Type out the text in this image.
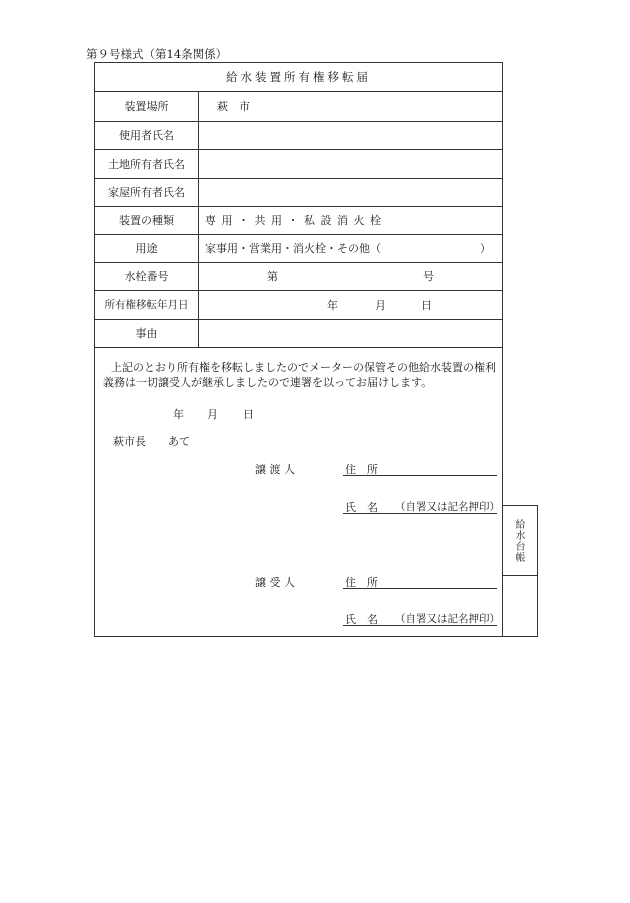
第９号様式（第14条関係）
給水装置所有権移転届
装置場所	萩　市
使用者氏名
土地所有者氏名
家屋所有者氏名
装置の種類	専 用 ・ 共 用 ・ 私 設 消 火 栓
用途	家事用・営業用・消火栓・その他（　　　　　　　　　）
水栓番号	第	号
所有権移転年月日	年	月	日
事由
上記のとおり所有権を移転しましたのでメーターの保管その他給水装置の権利義務は一切譲受人が継承しましたので連署を以ってお届けします。
年 月 日
萩市長　　あて
譲 渡 人	住　所
氏　名 （自署又は記名押印）
譲 受 人	住　所
氏　名 （自署又は記名押印）
給水台帳
